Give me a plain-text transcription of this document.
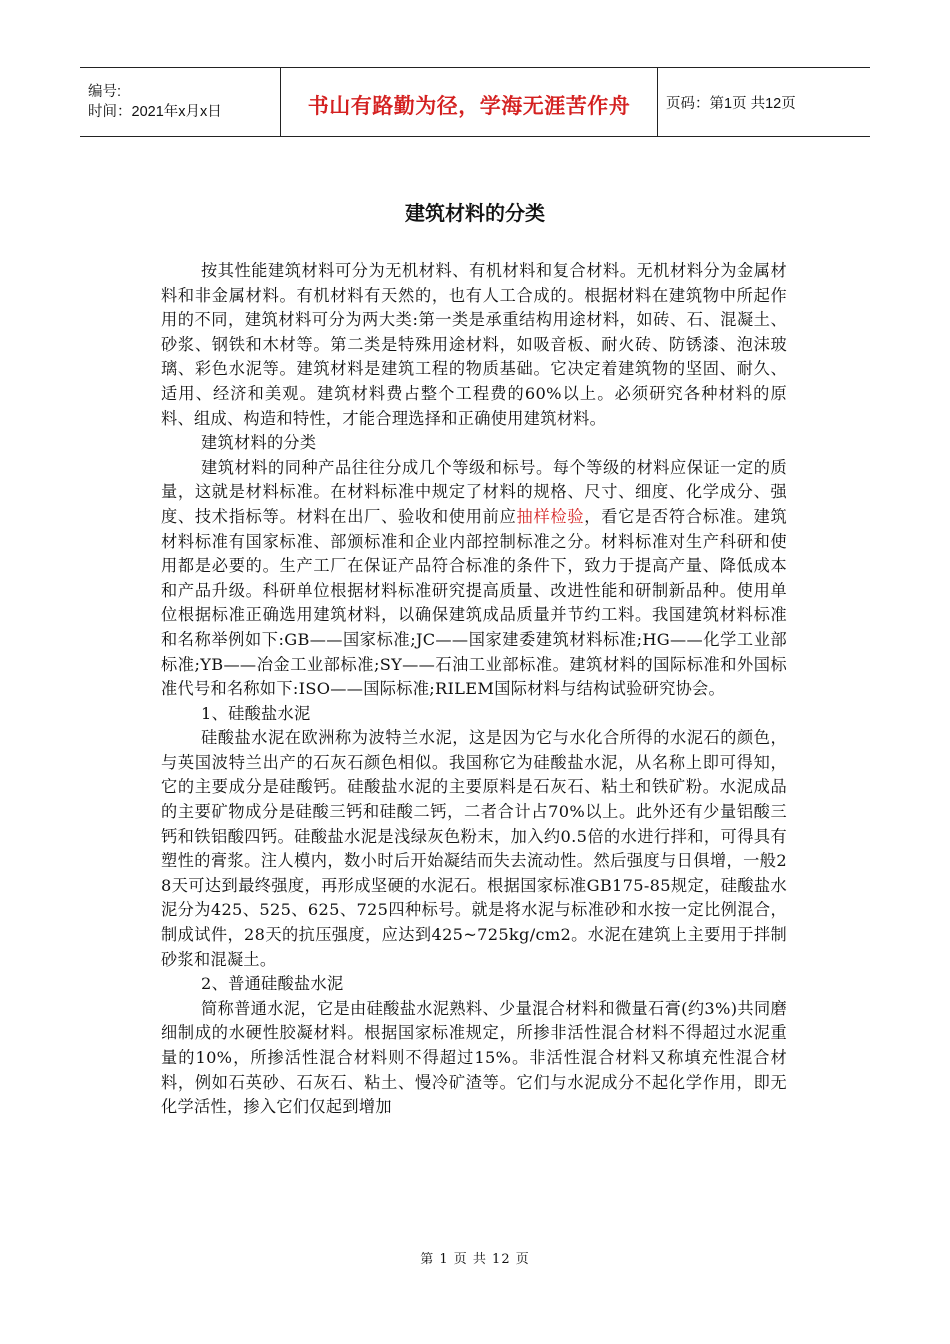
编号:
时间：2021年x月x日	书山有路勤为径，学海无涯苦作舟 页码：第1页 共12页
建筑材料的分类

按其性能建筑材料可分为无机材料、有机材料和复合材料。无机材料分为金属材料和非金属材料。有机材料有天然的，也有人工合成的。根据材料在建筑物中所起作用的不同，建筑材料可分为两大类:第一类是承重结构用途材料，如砖、石、混凝土、砂浆、钢铁和木材等。第二类是特殊用途材料，如吸音板、耐火砖、防锈漆、泡沫玻璃、彩色水泥等。建筑材料是建筑工程的物质基础。它决定着建筑物的坚固、耐久、适用、经济和美观。建筑材料费占整个工程费的60%以上。必须研究各种材料的原料、组成、构造和特性，才能合理选择和正确使用建筑材料。

建筑材料的分类

建筑材料的同种产品往往分成几个等级和标号。每个等级的材料应保证一定的质量，这就是材料标准。在材料标准中规定了材料的规格、尺寸、细度、化学成分、强度、技术指标等。材料在出厂、验收和使用前应抽样检验，看它是否符合标准。建筑材料标准有国家标准、部颁标准和企业内部控制标准之分。材料标准对生产科研和使用都是必要的。生产工厂在保证产品符合标准的条件下，致力于提高产量、降低成本和产品升级。科研单位根据材料标准研究提高质量、改进性能和研制新品种。使用单位根据标准正确选用建筑材料，以确保建筑成品质量并节约工料。我国建筑材料标准和名称举例如下:GB——国家标准;JC——国家建委建筑材料标准;HG——化学工业部标准;YB——冶金工业部标准;SY——石油工业部标准。建筑材料的国际标准和外国标准代号和名称如下:ISO——国际标准;RILEM国际材料与结构试验研究协会。

1、硅酸盐水泥

硅酸盐水泥在欧洲称为波特兰水泥，这是因为它与水化合所得的水泥石的颜色，与英国波特兰出产的石灰石颜色相似。我国称它为硅酸盐水泥，从名称上即可得知，它的主要成分是硅酸钙。硅酸盐水泥的主要原料是石灰石、粘土和铁矿粉。水泥成品的主要矿物成分是硅酸三钙和硅酸二钙，二者合计占70%以上。此外还有少量铝酸三钙和铁铝酸四钙。硅酸盐水泥是浅绿灰色粉末，加入约0.5倍的水进行拌和，可得具有塑性的膏浆。注人模内，数小时后开始凝结而失去流动性。然后强度与日俱增，一般28天可达到最终强度，再形成坚硬的水泥石。根据国家标准GB175-85规定，硅酸盐水泥分为425、525、625、725四种标号。就是将水泥与标准砂和水按一定比例混合，制成试件，28天的抗压强度，应达到425~725kg/cm2。水泥在建筑上主要用于拌制砂浆和混凝土。

2、普通硅酸盐水泥

简称普通水泥，它是由硅酸盐水泥熟料、少量混合材料和微量石膏(约3%)共同磨细制成的水硬性胶凝材料。根据国家标准规定，所掺非活性混合材料不得超过水泥重量的10%，所掺活性混合材料则不得超过15%。非活性混合材料又称填充性混合材料，例如石英砂、石灰石、粘土、慢冷矿渣等。它们与水泥成分不起化学作用，即无化学活性，掺入它们仅起到增加

第 1 页 共 12 页
